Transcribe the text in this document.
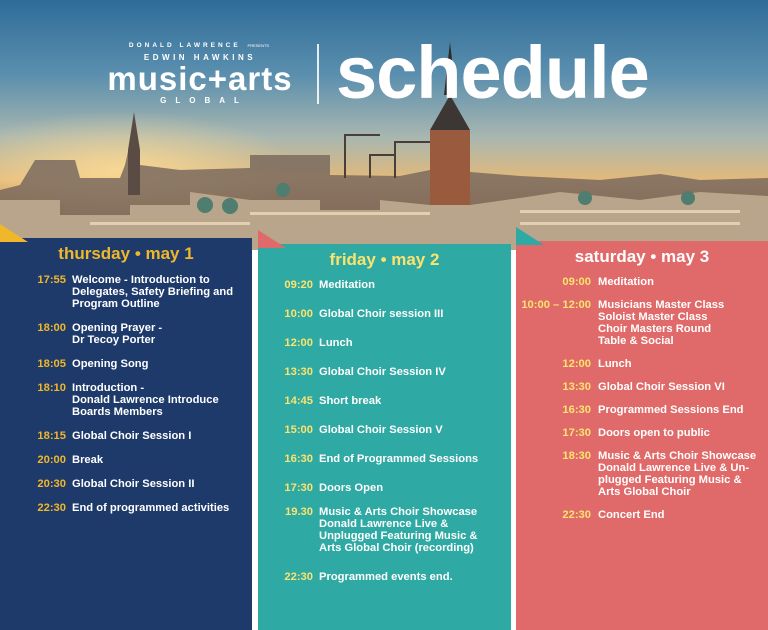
DONALD LAWRENCE PRESENTS
EDWIN HAWKINS
music+arts
GLOBAL	schedule
thursday • may 1
17:55 Welcome - Introduction to
Delegates, Safety Briefing and
Program Outline
18:00 Opening Prayer -
Dr Tecoy Porter
18:05 Opening Song
18:10 Introduction -
Donald Lawrence Introduce
Boards Members
18:15 Global Choir Session I
20:00 Break
20:30 Global Choir Session II
22:30 End of programmed activities
friday • may 2
09:20 Meditation
10:00 Global Choir session III
12:00 Lunch
13:30 Global Choir Session IV
14:45 Short break
15:00 Global Choir Session V
16:30 End of Programmed Sessions
17:30 Doors Open
19.30 Music & Arts Choir Showcase
Donald Lawrence Live &
Unplugged Featuring Music &
Arts Global Choir (recording)
22:30 Programmed events end.
saturday • may 3
09:00 Meditation
10:00 – 12:00 Musicians Master Class
Soloist Master Class
Choir Masters Round
Table & Social
12:00 Lunch
13:30 Global Choir Session VI
16:30 Programmed Sessions End
17:30 Doors open to public
18:30 Music & Arts Choir Showcase
Donald Lawrence Live & Un-
plugged Featuring Music &
Arts Global Choir
22:30 Concert End
